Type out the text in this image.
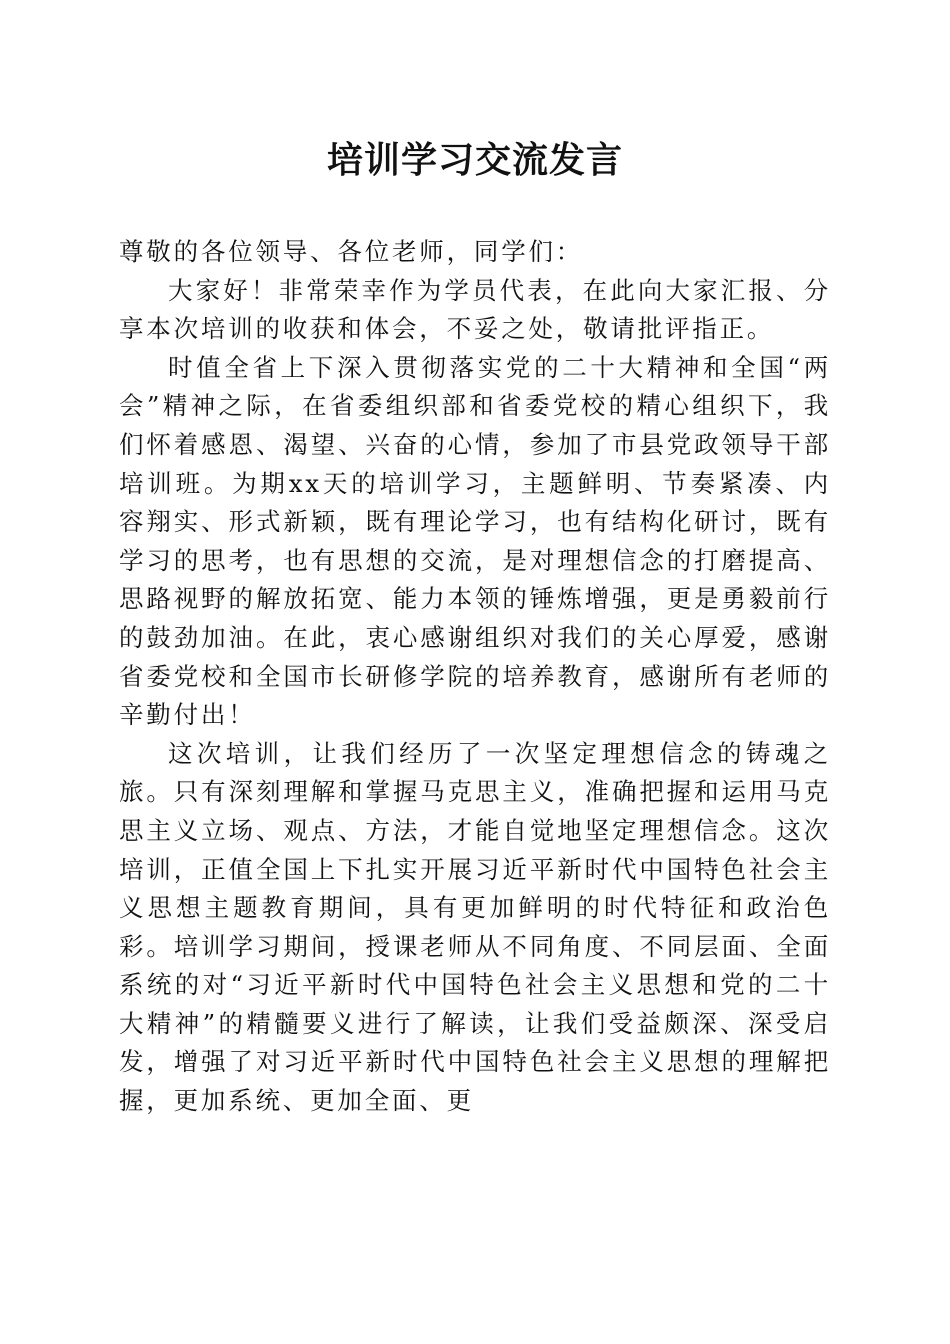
培训学习交流发言

尊敬的各位领导、各位老师，同学们：

大家好！非常荣幸作为学员代表，在此向大家汇报、分享本次培训的收获和体会，不妥之处，敬请批评指正。

时值全省上下深入贯彻落实党的二十大精神和全国“两会”精神之际，在省委组织部和省委党校的精心组织下，我们怀着感恩、渴望、兴奋的心情，参加了市县党政领导干部培训班。为期xx天的培训学习，主题鲜明、节奏紧凑、内容翔实、形式新颖，既有理论学习，也有结构化研讨，既有学习的思考，也有思想的交流，是对理想信念的打磨提高、思路视野的解放拓宽、能力本领的锤炼增强，更是勇毅前行的鼓劲加油。在此，衷心感谢组织对我们的关心厚爱，感谢省委党校和全国市长研修学院的培养教育，感谢所有老师的辛勤付出！

这次培训，让我们经历了一次坚定理想信念的铸魂之旅。只有深刻理解和掌握马克思主义，准确把握和运用马克思主义立场、观点、方法，才能自觉地坚定理想信念。这次培训，正值全国上下扎实开展习近平新时代中国特色社会主义思想主题教育期间，具有更加鲜明的时代特征和政治色彩。培训学习期间，授课老师从不同角度、不同层面、全面系统的对“习近平新时代中国特色社会主义思想和党的二十大精神”的精髓要义进行了解读，让我们受益颇深、深受启发，增强了对习近平新时代中国特色社会主义思想的理解把握，更加系统、更加全面、更
